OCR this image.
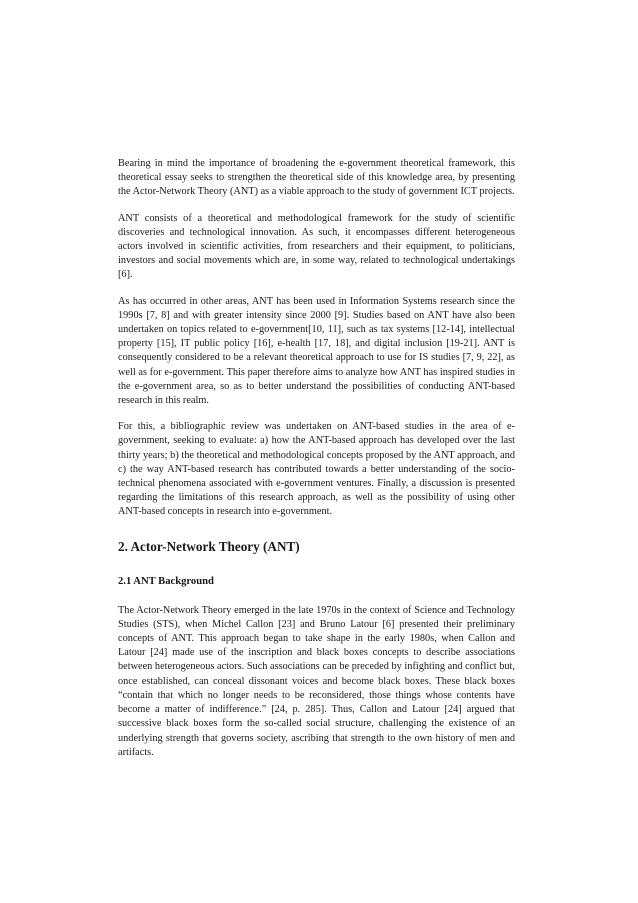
Bearing in mind the importance of broadening the e-government theoretical framework, this theoretical essay seeks to strengthen the theoretical side of this knowledge area, by presenting the Actor-Network Theory (ANT) as a viable approach to the study of government ICT projects.

ANT consists of a theoretical and methodological framework for the study of scientific discoveries and technological innovation. As such, it encompasses different heterogeneous actors involved in scientific activities, from researchers and their equipment, to politicians, investors and social movements which are, in some way, related to technological undertakings [6].

As has occurred in other areas, ANT has been used in Information Systems research since the 1990s [7, 8] and with greater intensity since 2000 [9]. Studies based on ANT have also been undertaken on topics related to e-government[10, 11], such as tax systems [12-14], intellectual property [15], IT public policy [16], e-health [17, 18], and digital inclusion [19-21]. ANT is consequently considered to be a relevant theoretical approach to use for IS studies [7, 9, 22], as well as for e-government. This paper therefore aims to analyze how ANT has inspired studies in the e-government area, so as to better understand the possibilities of conducting ANT-based research in this realm.

For this, a bibliographic review was undertaken on ANT-based studies in the area of e-government, seeking to evaluate: a) how the ANT-based approach has developed over the last thirty years; b) the theoretical and methodological concepts proposed by the ANT approach, and c) the way ANT-based research has contributed towards a better understanding of the socio-technical phenomena associated with e-government ventures. Finally, a discussion is presented regarding the limitations of this research approach, as well as the possibility of using other ANT-based concepts in research into e-government.

2. Actor-Network Theory (ANT)
2.1 ANT Background

The Actor-Network Theory emerged in the late 1970s in the context of Science and Technology Studies (STS), when Michel Callon [23] and Bruno Latour [6] presented their preliminary concepts of ANT. This approach began to take shape in the early 1980s, when Callon and Latour [24] made use of the inscription and black boxes concepts to describe associations between heterogeneous actors. Such associations can be preceded by infighting and conflict but, once established, can conceal dissonant voices and become black boxes. These black boxes “contain that which no longer needs to be reconsidered, those things whose contents have become a matter of indifference.” [24, p. 285]. Thus, Callon and Latour [24] argued that successive black boxes form the so-called social structure, challenging the existence of an underlying strength that governs society, ascribing that strength to the own history of men and artifacts.
